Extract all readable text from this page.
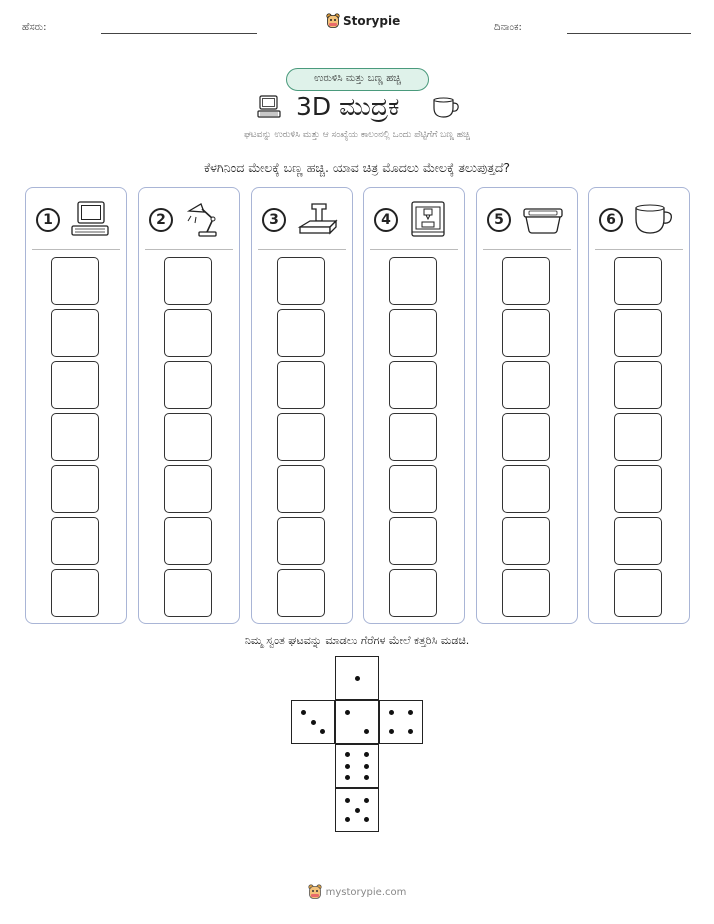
ಹೆಸರು:	Storypie	ದಿನಾಂಕ:
ಉರುಳಿಸಿ ಮತ್ತು ಬಣ್ಣ ಹಚ್ಚಿ
3D ಮುದ್ರಕ
ಘಟವನ್ನು ಉರುಳಿಸಿ ಮತ್ತು ಆ ಸಂಖ್ಯೆಯ ಕಾಲಂನಲ್ಲಿ ಒಂದು ಪೆಟ್ಟಿಗೆಗೆ ಬಣ್ಣ ಹಚ್ಚಿ
ಕೆಳಗಿನಿಂದ ಮೇಲಕ್ಕೆ ಬಣ್ಣ ಹಚ್ಚಿ. ಯಾವ ಚಿತ್ರ ಮೊದಲು ಮೇಲಕ್ಕೆ ತಲುಪುತ್ತದೆ?
1	2	3	4	5	6
ನಿಮ್ಮ ಸ್ವಂತ ಘಟವನ್ನು ಮಾಡಲು ಗೆರೆಗಳ ಮೇಲೆ ಕತ್ತರಿಸಿ ಮಡಚಿ.
mystorypie.com
